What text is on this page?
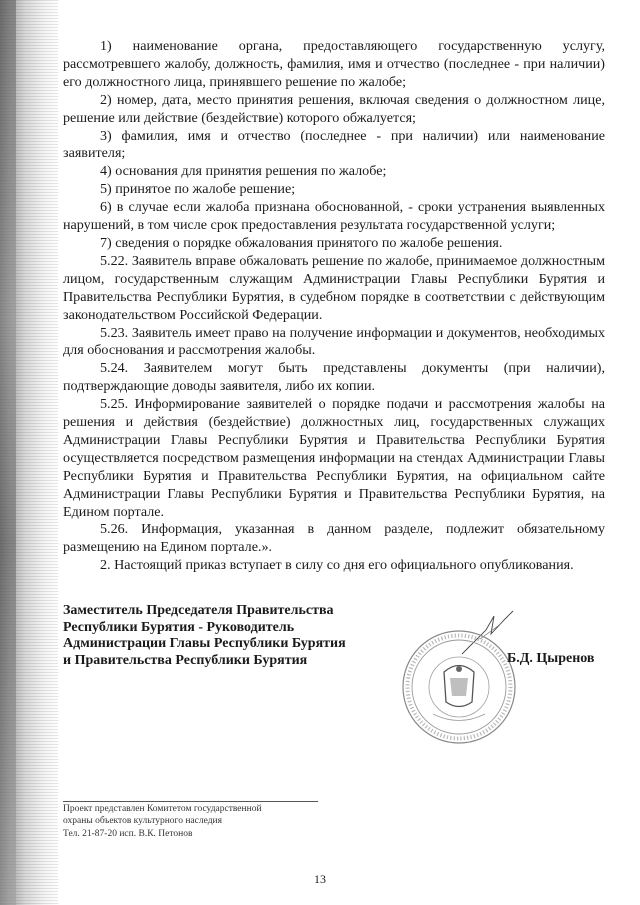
1) наименование органа, предоставляющего государственную услугу, рассмотревшего жалобу, должность, фамилия, имя и отчество (последнее - при наличии) его должностного лица, принявшего решение по жалобе;

2) номер, дата, место принятия решения, включая сведения о должностном лице, решение или действие (бездействие) которого обжалуется;

3) фамилия, имя и отчество (последнее - при наличии) или наименование заявителя;

4) основания для принятия решения по жалобе;

5) принятое по жалобе решение;

6) в случае если жалоба признана обоснованной, - сроки устранения выявленных нарушений, в том числе срок предоставления результата государственной услуги;

7) сведения о порядке обжалования принятого по жалобе решения.

5.22. Заявитель вправе обжаловать решение по жалобе, принимаемое должностным лицом, государственным служащим Администрации Главы Республики Бурятия и Правительства Республики Бурятия, в судебном порядке в соответствии с действующим законодательством Российской Федерации.

5.23. Заявитель имеет право на получение информации и документов, необходимых для обоснования и рассмотрения жалобы.

5.24. Заявителем могут быть представлены документы (при наличии), подтверждающие доводы заявителя, либо их копии.

5.25. Информирование заявителей о порядке подачи и рассмотрения жалобы на решения и действия (бездействие) должностных лиц, государственных служащих Администрации Главы Республики Бурятия и Правительства Республики Бурятия осуществляется посредством размещения информации на стендах Администрации Главы Республики Бурятия и Правительства Республики Бурятия, на официальном сайте Администрации Главы Республики Бурятия и Правительства Республики Бурятия, на Едином портале.

5.26. Информация, указанная в данном разделе, подлежит обязательному размещению на Едином портале.».

2. Настоящий приказ вступает в силу со дня его официального опубликования.

Заместитель Председателя Правительства
Республики Бурятия - Руководитель
Администрации Главы Республики Бурятия
и Правительства Республики Бурятия	Б.Д. Цыренов
Проект представлен Комитетом государственной
охраны объектов культурного наследия
Тел. 21-87-20 исп. В.К. Петонов
13
